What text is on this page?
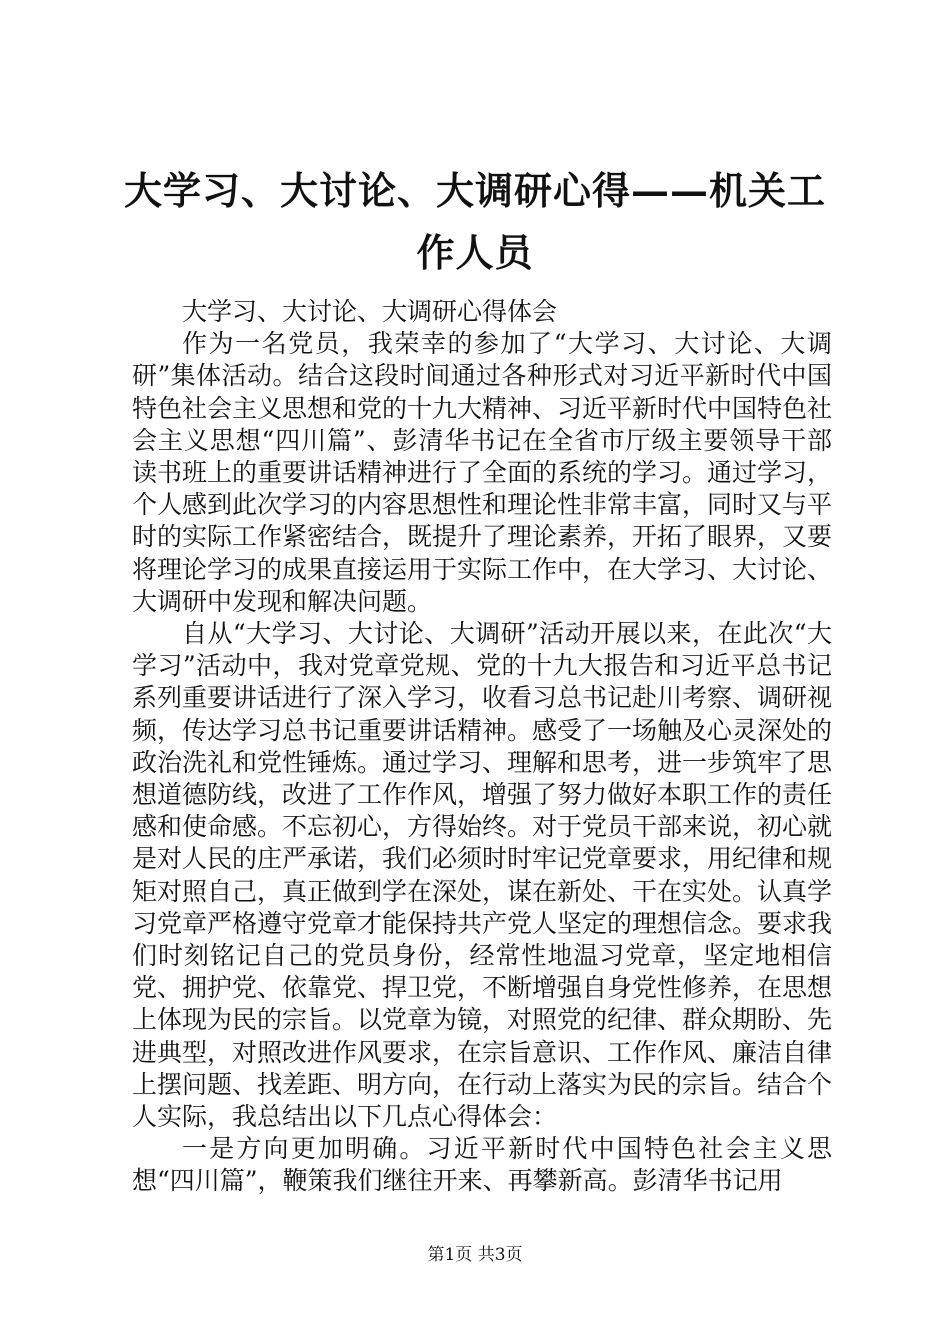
大学习、大讨论、大调研心得——机关工作人员

大学习、大讨论、大调研心得体会

作为一名党员，我荣幸的参加了“大学习、大讨论、大调研”集体活动。结合这段时间通过各种形式对习近平新时代中国特色社会主义思想和党的十九大精神、习近平新时代中国特色社会主义思想“四川篇”、彭清华书记在全省市厅级主要领导干部读书班上的重要讲话精神进行了全面的系统的学习。通过学习，个人感到此次学习的内容思想性和理论性非常丰富，同时又与平时的实际工作紧密结合，既提升了理论素养，开拓了眼界，又要将理论学习的成果直接运用于实际工作中，在大学习、大讨论、大调研中发现和解决问题。

自从“大学习、大讨论、大调研”活动开展以来，在此次“大学习”活动中，我对党章党规、党的十九大报告和习近平总书记系列重要讲话进行了深入学习，收看习总书记赴川考察、调研视频，传达学习总书记重要讲话精神。感受了一场触及心灵深处的政治洗礼和党性锤炼。通过学习、理解和思考，进一步筑牢了思想道德防线，改进了工作作风，增强了努力做好本职工作的责任感和使命感。不忘初心，方得始终。对于党员干部来说，初心就是对人民的庄严承诺，我们必须时时牢记党章要求，用纪律和规矩对照自己，真正做到学在深处，谋在新处、干在实处。认真学习党章严格遵守党章才能保持共产党人坚定的理想信念。要求我们时刻铭记自己的党员身份，经常性地温习党章，坚定地相信党、拥护党、依靠党、捍卫党，不断增强自身党性修养，在思想上体现为民的宗旨。以党章为镜，对照党的纪律、群众期盼、先进典型，对照改进作风要求，在宗旨意识、工作作风、廉洁自律上摆问题、找差距、明方向，在行动上落实为民的宗旨。结合个人实际，我总结出以下几点心得体会：

一是方向更加明确。习近平新时代中国特色社会主义思想“四川篇”，鞭策我们继往开来、再攀新高。彭清华书记用

第1页 共3页
